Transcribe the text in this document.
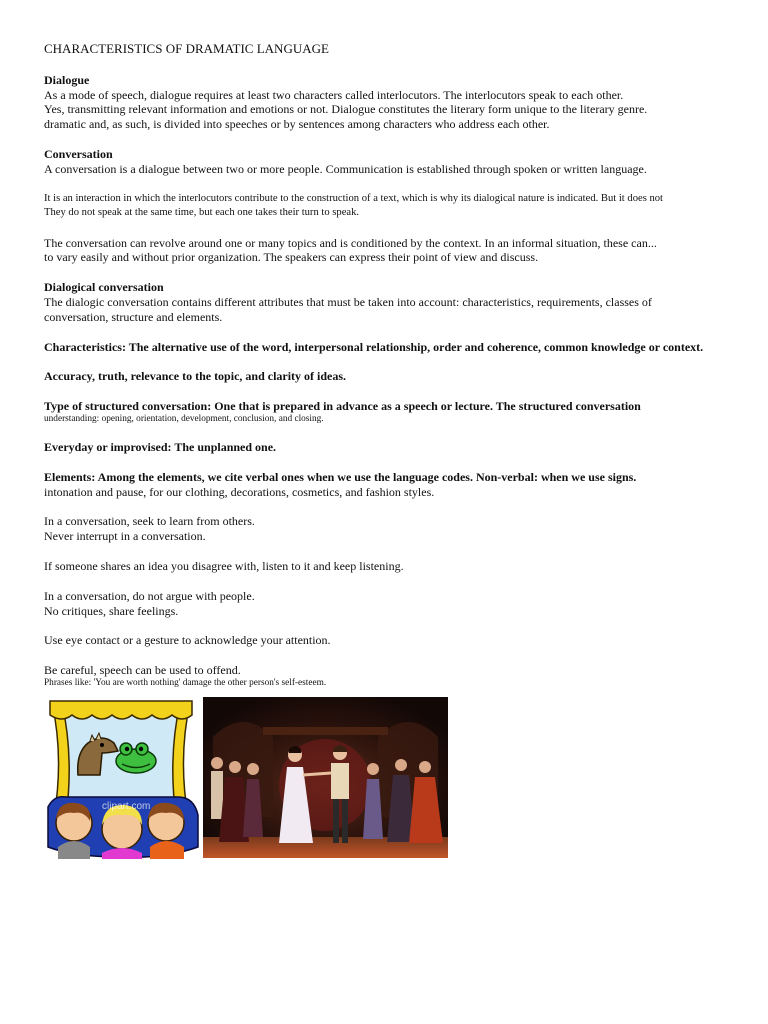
CHARACTERISTICS OF DRAMATIC LANGUAGE
Dialogue
As a mode of speech, dialogue requires at least two characters called interlocutors. The interlocutors speak to each other.
Yes, transmitting relevant information and emotions or not. Dialogue constitutes the literary form unique to the literary genre.
dramatic and, as such, is divided into speeches or by sentences among characters who address each other.
Conversation
A conversation is a dialogue between two or more people. Communication is established through spoken or written language.
It is an interaction in which the interlocutors contribute to the construction of a text, which is why its dialogical nature is indicated. But it does not
They do not speak at the same time, but each one takes their turn to speak.
The conversation can revolve around one or many topics and is conditioned by the context. In an informal situation, these can...
to vary easily and without prior organization. The speakers can express their point of view and discuss.
Dialogical conversation
The dialogic conversation contains different attributes that must be taken into account: characteristics, requirements, classes of
conversation, structure and elements.
Characteristics: The alternative use of the word, interpersonal relationship, order and coherence, common knowledge or context.
Accuracy, truth, relevance to the topic, and clarity of ideas.
Type of structured conversation: One that is prepared in advance as a speech or lecture. The structured conversation
understanding: opening, orientation, development, conclusion, and closing.
Everyday or improvised: The unplanned one.
Elements: Among the elements, we cite verbal ones when we use the language codes. Non-verbal: when we use signs.
intonation and pause, for our clothing, decorations, cosmetics, and fashion styles.
In a conversation, seek to learn from others.
Never interrupt in a conversation.
If someone shares an idea you disagree with, listen to it and keep listening.
In a conversation, do not argue with people.
No critiques, share feelings.
Use eye contact or a gesture to acknowledge your attention.
Be careful, speech can be used to offend.
Phrases like: 'You are worth nothing' damage the other person's self-esteem.
clipart.com
